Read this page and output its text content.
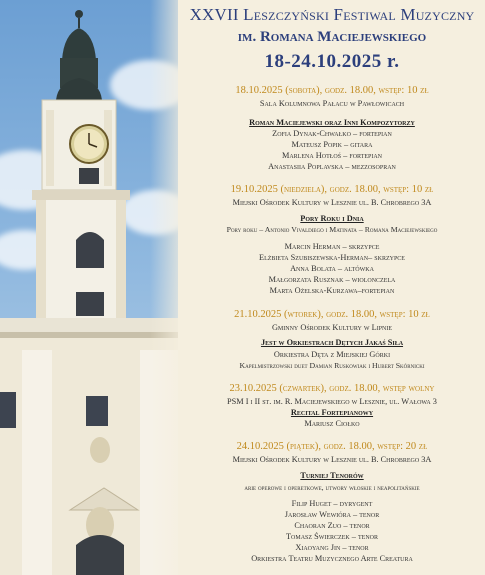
XXVII Leszczyński Festiwal Muzyczny
im. Romana Maciejewskiego
18-24.10.2025 r.
18.10.2025 (sobota), godz. 18.00, wstęp: 10 zł
Sala Kolumnowa Pałacu w Pawłowicach
Roman Maciejewski oraz Inni Kompozytorzy
Zofia Dynak-Chwałko – fortepian
Mateusz Popik – gitara
Marlena Hotłoś – fortepian
Anastasiia Poplavska – mezzosopran
19.10.2025 (niedziela), godz. 18.00, wstęp: 10 zł
Miejski Ośrodek Kultury w Lesznie ul. B. Chrobrego 3A
Pory Roku i Dnia
Pory roku – Antonio Vivaldiego i Matinata – Romana Maciejewskiego
Marcin Herman – skrzypce
Elżbieta Szubiszewska-Herman– skrzypce
Anna Bolata – altówka
Małgorzata Rusznak – wiolonczela
Marta Ożelska-Kurzawa–fortepian
21.10.2025 (wtorek), godz. 18.00, wstęp: 10 zł
Gminny Ośrodek Kultury w Lipnie
Jest w Orkiestrach Dętych Jakaś Siła
Orkiestra Dęta z Miejskiej Górki
Kapelmistrzowski duet Damian Ruskowiak i Hubert Skórnicki
23.10.2025 (czwartek), godz. 18.00, wstęp wolny
PSM I i II st. im. R. Maciejewskiego w Lesznie, ul. Wałowa 3
Recital Fortepianowy
Mariusz Ciołko
24.10.2025 (piątek), godz. 18.00, wstęp: 20 zł
Miejski Ośrodek Kultury w Lesznie ul. B. Chrobrego 3A
Turniej Tenorów
arie operowe i operetkowe, utwory włoskie i neapolitańskie
Filip Huget – dyrygent
Jarosław Wewiórа – tenor
Chaoran Zuo – tenor
Tomasz Świerczek – tenor
Xiaoyang Jin – tenor
Orkiestra Teatru Muzycznego Arte Creatura
